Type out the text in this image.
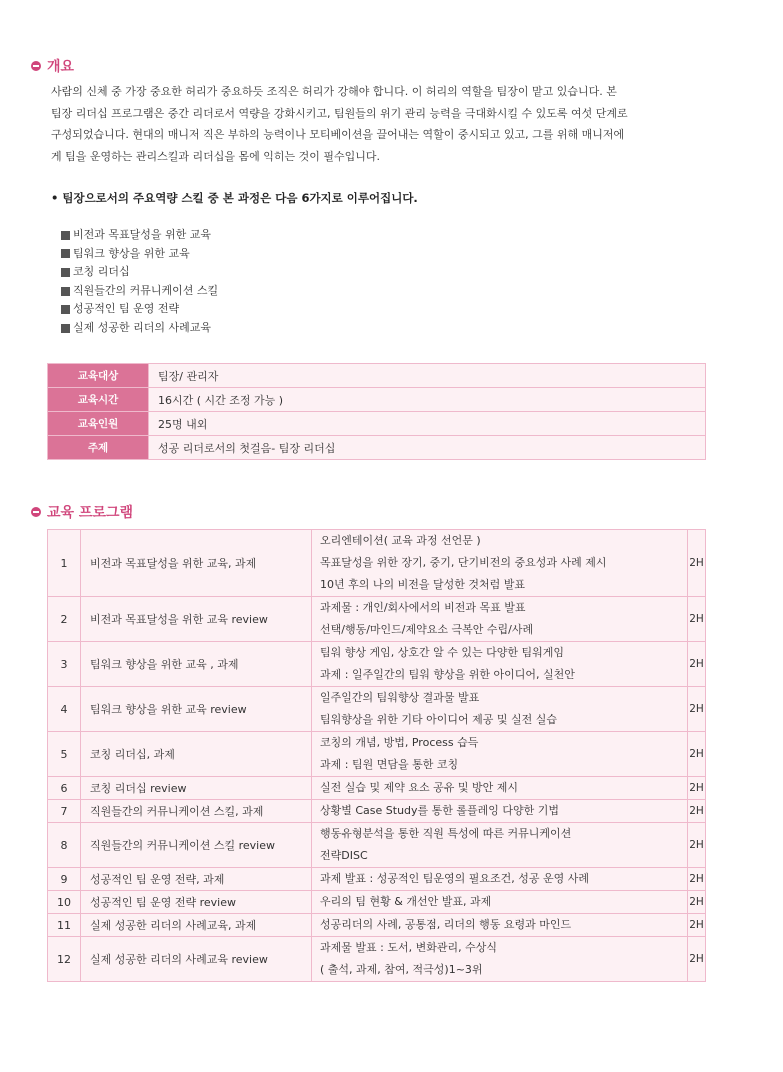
개요

사람의 신체 중 가장 중요한 허리가 중요하듯 조직은 허리가 강해야 합니다. 이 허리의 역할을 팀장이 맡고 있습니다. 본
팀장 리더십 프로그램은 중간 리더로서 역량을 강화시키고, 팀원들의 위기 관리 능력을 극대화시킬 수 있도록 여섯 단계로
구성되었습니다. 현대의 매니저 직은 부하의 능력이나 모티베이션을 끌어내는 역할이 중시되고 있고, 그를 위해 매니저에
게 팀을 운영하는 관리스킬과 리더십을 몸에 익히는 것이 필수입니다.

• 팀장으로서의 주요역량 스킬 중 본 과정은 다음 6가지로 이루어집니다.
비전과 목표달성을 위한 교육
팀워크 향상을 위한 교육
코칭 리더십
직원들간의 커뮤니케이션 스킬
성공적인 팀 운영 전략
실제 성공한 리더의 사례교육
교육대상	팀장/ 관리자
교육시간	16시간 ( 시간 조정 가능 )
교육인원	25명 내외
주제	성공 리더로서의 첫걸음- 팀장 리더십
교육 프로그램
1	비전과 목표달성을 위한 교육, 과제	오리엔테이션( 교육 과정 선언문 )
목표달성을 위한 장기, 중기, 단기비전의 중요성과 사례 제시
10년 후의 나의 비전을 달성한 것처럼 발표	2H
2	비전과 목표달성을 위한 교육 review	과제물 : 개인/회사에서의 비전과 목표 발표
선택/행동/마인드/제약요소 극복안 수립/사례	2H
3	팀워크 향상을 위한 교육 , 과제	팀워 향상 게임, 상호간 알 수 있는 다양한 팀워게임
과제 : 일주일간의 팀워 향상을 위한 아이디어, 실천안	2H
4	팀워크 향상을 위한 교육 review	일주일간의 팀워향상 결과물 발표
팀워향상을 위한 기타 아이디어 제공 및 실전 실습	2H
5	코칭 리더십, 과제	코칭의 개념, 방법, Process 습득
과제 : 팀원 면담을 통한 코칭	2H
6	코칭 리더십 review	실전 실습 및 제약 요소 공유 및 방안 제시	2H
7	직원들간의 커뮤니케이션 스킬, 과제	상황별 Case Study를 통한 롤플레잉 다양한 기법	2H
8	직원들간의 커뮤니케이션 스킬 review	행동유형분석을 통한 직원 특성에 따른 커뮤니케이션
전략DISC	2H
9	성공적인 팀 운영 전략, 과제	과제 발표 : 성공적인 팀운영의 필요조건, 성공 운영 사례	2H
10	성공적인 팀 운영 전략 review	우리의 팀 현황 & 개선안 발표, 과제	2H
11	실제 성공한 리더의 사례교육, 과제	성공리더의 사례, 공통점, 리더의 행동 요령과 마인드	2H
12	실제 성공한 리더의 사례교육 review	과제물 발표 : 도서, 변화관리, 수상식
( 출석, 과제, 참여, 적극성)1~3위	2H
